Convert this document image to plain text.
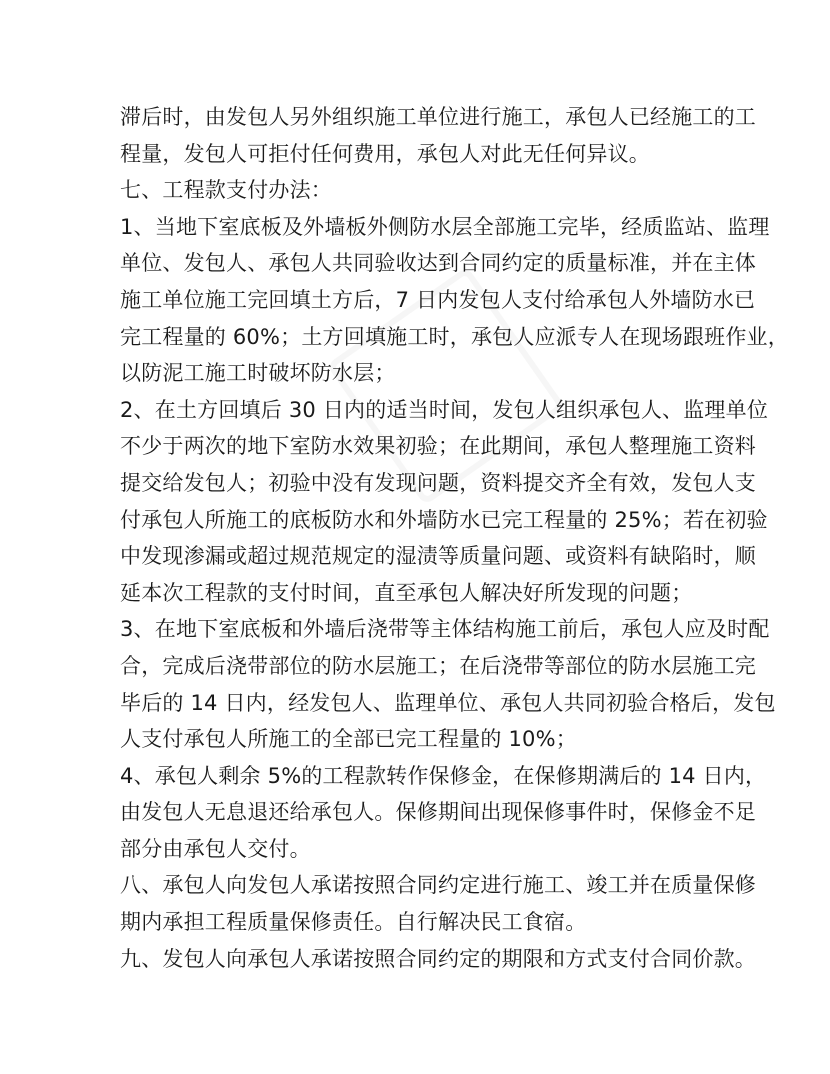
滞后时，由发包人另外组织施工单位进行施工，承包人已经施工的工
程量，发包人可拒付任何费用，承包人对此无任何异议。
七、工程款支付办法：
1、当地下室底板及外墙板外侧防水层全部施工完毕，经质监站、监理
单位、发包人、承包人共同验收达到合同约定的质量标准，并在主体
施工单位施工完回填土方后，7 日内发包人支付给承包人外墙防水已
完工程量的 60%；土方回填施工时，承包人应派专人在现场跟班作业，
以防泥工施工时破坏防水层；
2、在土方回填后 30 日内的适当时间，发包人组织承包人、监理单位
不少于两次的地下室防水效果初验；在此期间，承包人整理施工资料
提交给发包人；初验中没有发现问题，资料提交齐全有效，发包人支
付承包人所施工的底板防水和外墙防水已完工程量的 25%；若在初验
中发现渗漏或超过规范规定的湿渍等质量问题、或资料有缺陷时，顺
延本次工程款的支付时间，直至承包人解决好所发现的问题；
3、在地下室底板和外墙后浇带等主体结构施工前后，承包人应及时配
合，完成后浇带部位的防水层施工；在后浇带等部位的防水层施工完
毕后的 14 日内，经发包人、监理单位、承包人共同初验合格后，发包
人支付承包人所施工的全部已完工程量的 10%；
4、承包人剩余 5%的工程款转作保修金，在保修期满后的 14 日内，
由发包人无息退还给承包人。保修期间出现保修事件时，保修金不足
部分由承包人交付。
八、承包人向发包人承诺按照合同约定进行施工、竣工并在质量保修
期内承担工程质量保修责任。自行解决民工食宿。
九、发包人向承包人承诺按照合同约定的期限和方式支付合同价款。
